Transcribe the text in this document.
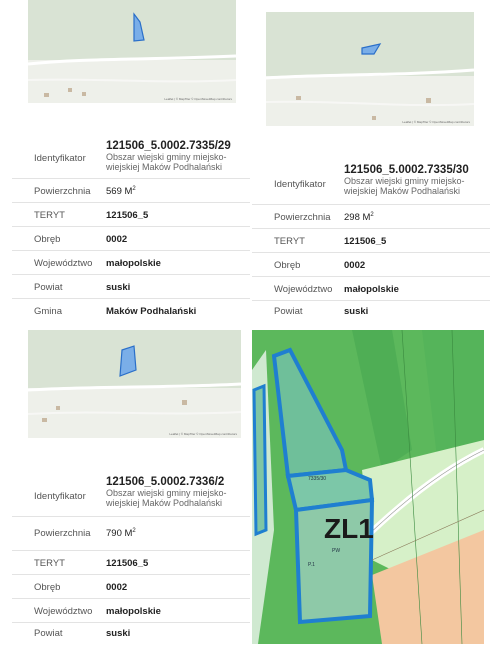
Leaflet | © MapTiler © OpenStreetMap contributors
Identyfikator
121506_5.0002.7335/29
Obszar wiejski gminy miejsko-wiejskiej Maków Podhalański
Powierzchnia 569 $M^2$
TERYT	121506_5
Obręb	0002
Województwo małopolskie
Powiat	suski
Gmina	Maków Podhalański
Leaflet | © MapTiler © OpenStreetMap contributors
Identyfikator
121506_5.0002.7335/30
Obszar wiejski gminy miejsko-wiejskiej Maków Podhalański
Powierzchnia 298 $M^2$
TERYT	121506_5
Obręb	0002
Województwo małopolskie
Powiat	suski
Leaflet | © MapTiler © OpenStreetMap contributors
Identyfikator
121506_5.0002.7336/2
Obszar wiejski gminy miejsko-wiejskiej Maków Podhalański
Powierzchnia 790 $M^2$
TERYT	121506_5
Obręb	0002
Województwo małopolskie
Powiat	suski
ZL1
7335/30
P.1
PW
